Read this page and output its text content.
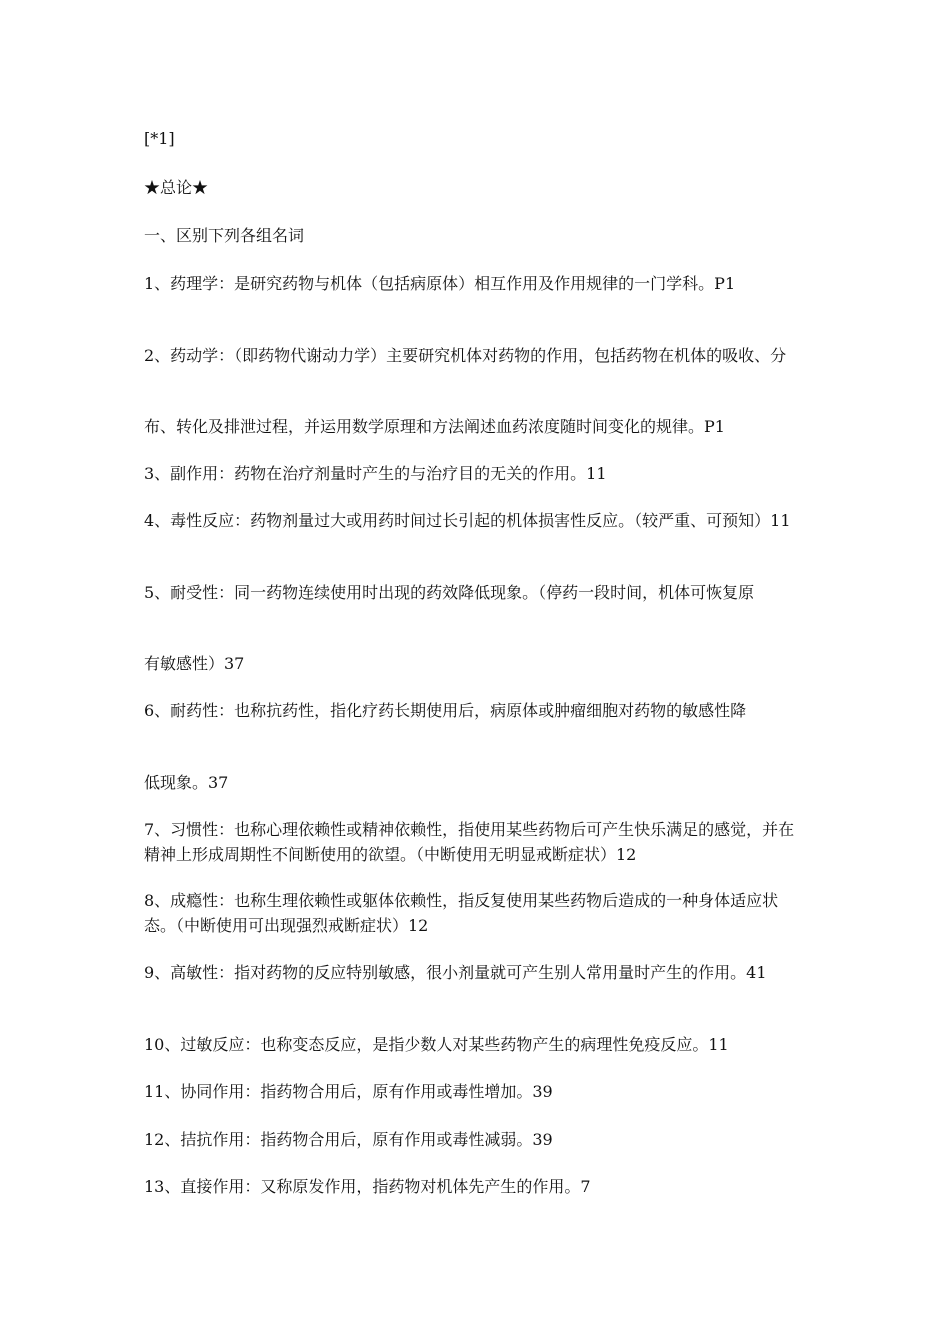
[*1]

★总论★

一、区别下列各组名词

1、药理学：是研究药物与机体（包括病原体）相互作用及作用规律的一门学科。P1

2、药动学：（即药物代谢动力学）主要研究机体对药物的作用，包括药物在机体的吸收、分

布、转化及排泄过程，并运用数学原理和方法阐述血药浓度随时间变化的规律。P1

3、副作用：药物在治疗剂量时产生的与治疗目的无关的作用。11

4、毒性反应：药物剂量过大或用药时间过长引起的机体损害性反应。（较严重、可预知）11

5、耐受性：同一药物连续使用时出现的药效降低现象。（停药一段时间，机体可恢复原

有敏感性）37

6、耐药性：也称抗药性，指化疗药长期使用后，病原体或肿瘤细胞对药物的敏感性降

低现象。37

7、习惯性：也称心理依赖性或精神依赖性，指使用某些药物后可产生快乐满足的感觉，并在精神上形成周期性不间断使用的欲望。（中断使用无明显戒断症状）12

8、成瘾性：也称生理依赖性或躯体依赖性，指反复使用某些药物后造成的一种身体适应状态。（中断使用可出现强烈戒断症状）12

9、高敏性：指对药物的反应特别敏感，很小剂量就可产生别人常用量时产生的作用。41

10、过敏反应：也称变态反应，是指少数人对某些药物产生的病理性免疫反应。11

11、协同作用：指药物合用后，原有作用或毒性增加。39

12、拮抗作用：指药物合用后，原有作用或毒性减弱。39

13、直接作用：又称原发作用，指药物对机体先产生的作用。7
